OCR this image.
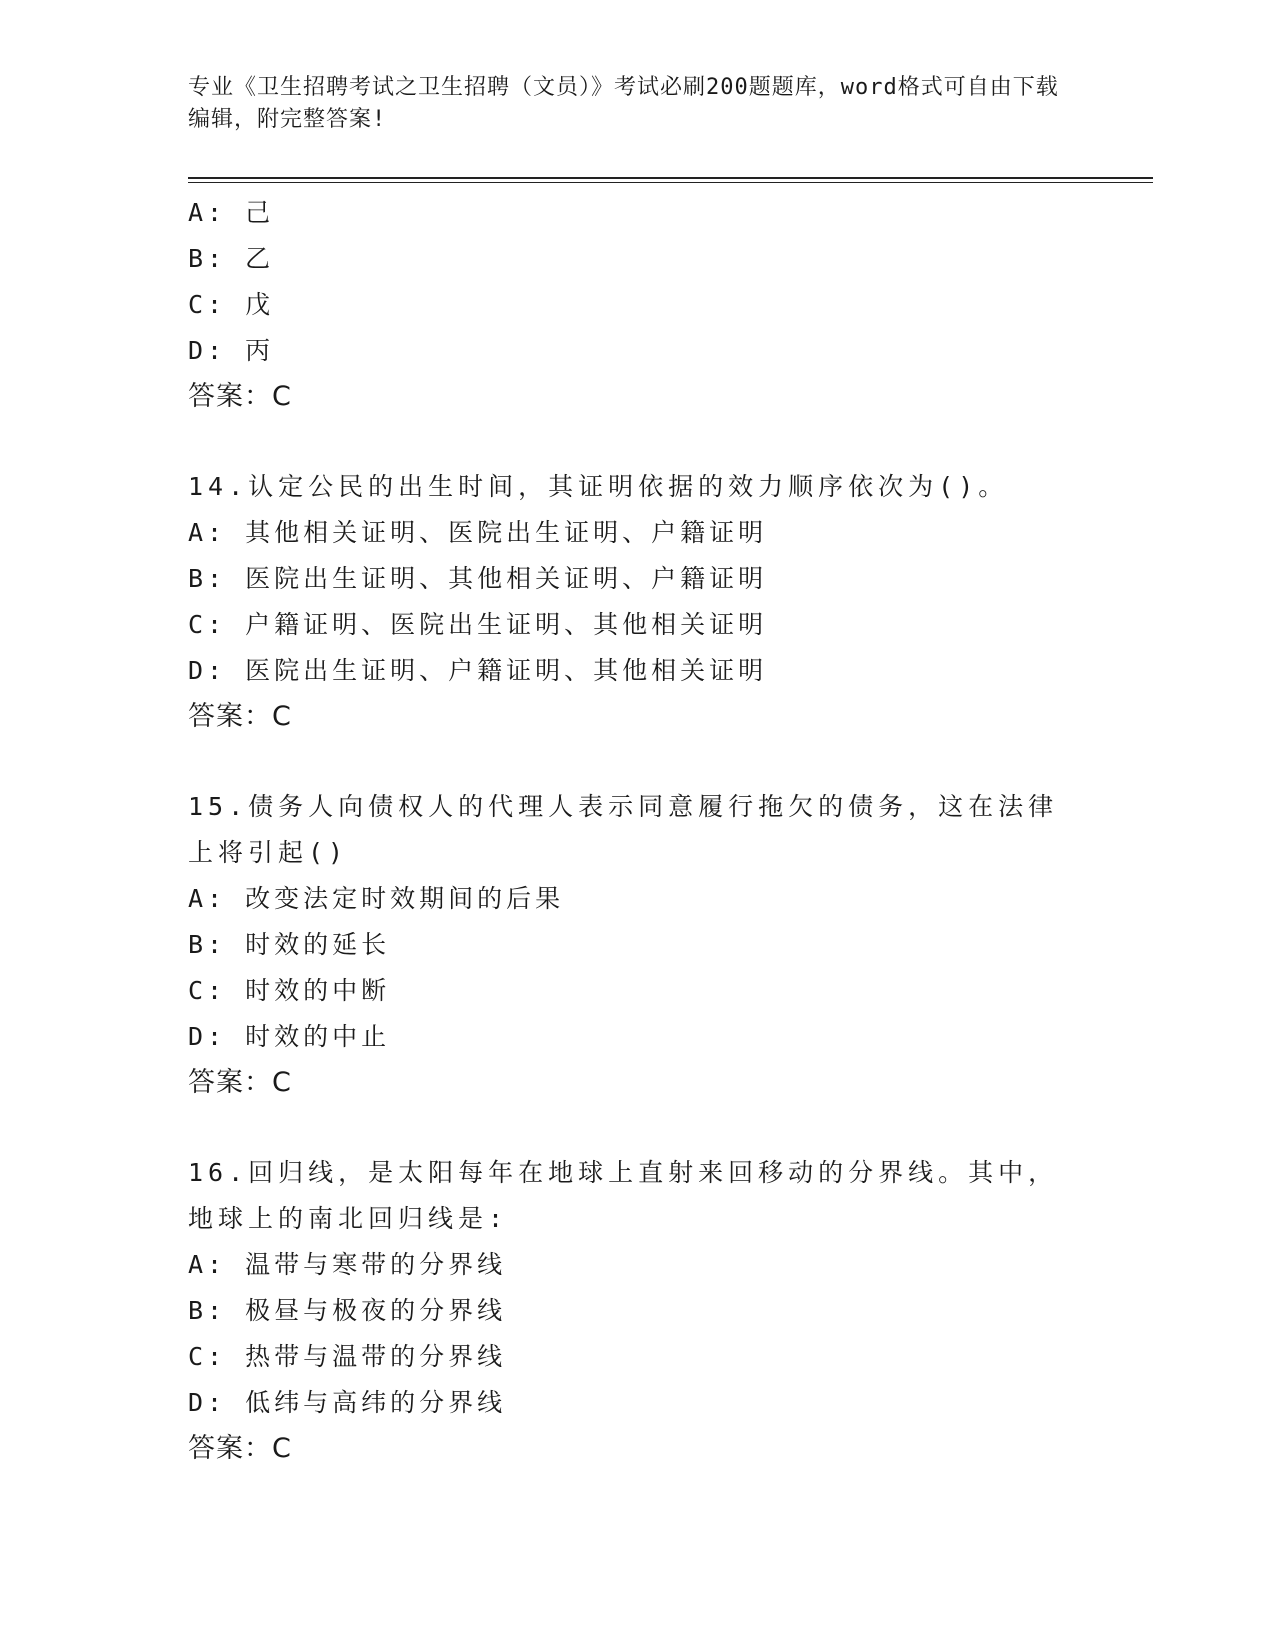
专业《卫生招聘考试之卫生招聘（文员）》考试必刷200题题库，word格式可自由下载编辑，附完整答案!
A: 己
B: 乙
C: 戊
D: 丙
答案：C
14.认定公民的出生时间，其证明依据的效力顺序依次为()。
A: 其他相关证明、医院出生证明、户籍证明
B: 医院出生证明、其他相关证明、户籍证明
C: 户籍证明、医院出生证明、其他相关证明
D: 医院出生证明、户籍证明、其他相关证明
答案：C
15.债务人向债权人的代理人表示同意履行拖欠的债务，这在法律上将引起()
A: 改变法定时效期间的后果
B: 时效的延长
C: 时效的中断
D: 时效的中止
答案：C
16.回归线，是太阳每年在地球上直射来回移动的分界线。其中，地球上的南北回归线是:
A: 温带与寒带的分界线
B: 极昼与极夜的分界线
C: 热带与温带的分界线
D: 低纬与高纬的分界线
答案：C
